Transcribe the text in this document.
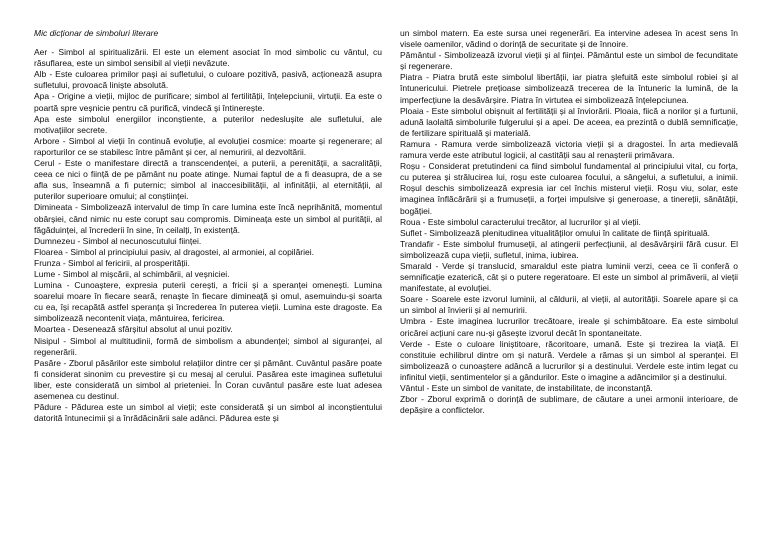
Mic dicționar de simboluri literare

Aer - Simbol al spiritualizării. El este un element asociat în mod simbolic cu vântul, cu răsuflarea, este un simbol sensibil al vieții nevăzute.

Alb - Este culoarea primilor pași ai sufletului, o culoare pozitivă, pasivă, acționează asupra sufletului, provoacă liniște absolută.

Apa - Origine a vieții, mijloc de purificare; simbol al fertilității, înțelepciunii, virtuții. Ea este o poartă spre veșnicie pentru că purifică, vindecă și întinerește.

Apa este simbolul energiilor inconștiente, a puterilor nedeslușite ale sufletului, ale motivațiilor secrete.

Arbore - Simbol al vieții în continuă evoluție, al evoluției cosmice: moarte și regenerare; al raporturilor ce se stabilesc între pământ și cer, al nemuririi, al dezvoltării.

Cerul - Este o manifestare directă a transcendenței, a puterii, a perenității, a sacralității, ceea ce nici o ființă de pe pământ nu poate atinge. Numai faptul de a fi deasupra, de a se afla sus, înseamnă a fi puternic; simbol al inaccesibilității, al infinității, al eternității, al puterilor superioare omului; al conștiinței.

Dimineata - Simbolizează intervalul de timp în care lumina este încă neprihănită, momentul obârșiei, când nimic nu este corupt sau compromis. Dimineața este un simbol al purității, al făgăduinței, al încrederii în sine, în ceilalți, în existență.

Dumnezeu - Simbol al necunoscutului ființei.

Floarea - Simbol al principiului pasiv, al dragostei, al armoniei, al copilăriei.

Frunza - Simbol al fericirii, al prosperității.

Lume - Simbol al mișcării, al schimbării, al veșniciei.

Lumina - Cunoaștere, expresia puterii cerești, a fricii și a speranței omenești. Lumina soarelui moare în fiecare seară, renaște în fiecare dimineață și omul, asemuindu-și soarta cu ea, își recapătă astfel speranța și încrederea în puterea vieții. Lumina este dragoste. Ea simbolizează necontenit viața, mântuirea, fericirea.

Moartea - Desenează sfârșitul absolut al unui pozitiv.

Nisipul - Simbol al multitudinii, formă de simbolism a abundenței; simbol al siguranței, al regenerării.

Pasăre - Zborul păsărilor este simbolul relațiilor dintre cer și pământ. Cuvântul pasăre poate fi considerat sinonim cu prevestire și cu mesaj al cerului. Pasărea este imaginea sufletului liber, este considerată un simbol al prieteniei. În Coran cuvântul pasăre este luat adesea asemenea cu destinul.

Pădure - Pădurea este un simbol al vieții; este considerată și un simbol al inconștientului datorită întunecimii și a înrădăcinării sale adânci. Pădurea este și

un simbol matern. Ea este sursa unei regenerări. Ea intervine adesea în acest sens în visele oamenilor, vădind o dorință de securitate și de înnoire.

Pământul - Simbolizează izvorul vieții și al ființei. Pământul este un simbol de fecunditate și regenerare.

Piatra - Piatra brută este simbolul libertății, iar piatra șlefuită este simbolul robiei și al întunericului. Pietrele prețioase simbolizează trecerea de la întuneric la lumină, de la imperfecțiune la desăvârșire. Piatra în virtutea ei simbolizează înțelepciunea.

Ploaia - Este simbolul obișnuit al fertilității și al înviorării. Ploaia, fiică a norilor și a furtunii, adună laolaltă simbolurile fulgerului și a apei. De aceea, ea prezintă o dublă semnificație, de fertilizare spirituală și materială.

Ramura - Ramura verde simbolizează victoria vieții și a dragostei. În arta medievală ramura verde este atributul logicii, al castității sau al renașterii primăvara.

Roșu - Considerat pretutindeni ca fiind simbolul fundamental al principiului vital, cu forța, cu puterea și strălucirea lui, roșu este culoarea focului, a sângelui, a sufletului, a inimii. Roșul deschis simbolizează expresia iar cel închis misterul vieții. Roșu viu, solar, este imaginea înflăcărării și a frumuseții, a forței impulsive și generoase, a tinereții, sănătății, bogăției.

Roua - Este simbolul caracterului trecător, al lucrurilor și al vieții.

Suflet - Simbolizează plenitudinea vitualităților omului în calitate de ființă spirituală.

Trandafir - Este simbolul frumuseții, al atingerii perfecțiunii, al desăvârșirii fără cusur. El simbolizează cupa vieții, sufletul, inima, iubirea.

Smarald - Verde și translucid, smaraldul este piatra luminii verzi, ceea ce îi conferă o semnificație ezaterică, cât și o putere regeratoare. El este un simbol al primăverii, al vieții manifestate, al evoluției.

Soare - Soarele este izvorul luminii, al căldurii, al vieții, al autorității. Soarele apare și ca un simbol al învierii și al nemuririi.

Umbra - Este imaginea lucrurilor trecătoare, ireale și schimbătoare. Ea este simbolul oricărei acțiuni care nu-și găsește izvorul decât în spontaneitate.

Verde - Este o culoare liniștitoare, răcoritoare, umană. Este și trezirea la viață. El constituie echilibrul dintre om și natură. Verdele a rămas și un simbol al speranței. El simbolizează o cunoaștere adâncă a lucrurilor și a destinului. Verdele este intim legat cu infinitul vieții, sentimentelor și a gândurilor. Este o imagine a adâncimilor și a destinului.

Vântul - Este un simbol de vanitate, de instabilitate, de inconstanță.

Zbor - Zborul exprimă o dorință de sublimare, de căutare a unei armonii interioare, de depășire a conflictelor.
